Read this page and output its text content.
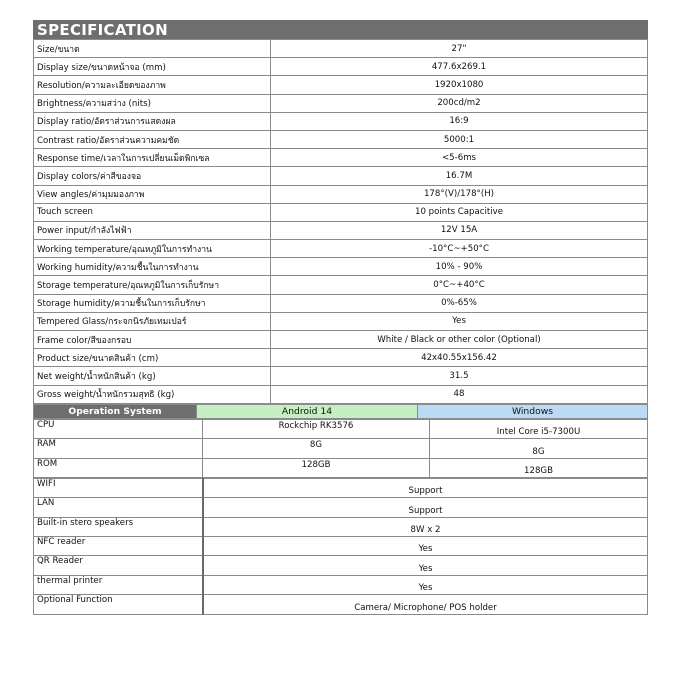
SPECIFICATION
Size/ขนาด	27"
Display size/ขนาดหน้าจอ (mm)	477.6x269.1
Resolution/ความละเอียดของภาพ	1920x1080
Brightness/ความสว่าง (nits)	200cd/m2
Display ratio/อัตราส่วนการแสดงผล	16:9
Contrast ratio/อัตราส่วนความคมชัด	5000:1
Response time/เวลาในการเปลี่ยนเม็ดพิกเซล	<5-6ms
Display colors/ค่าสีของจอ	16.7M
View angles/ค่ามุมมองภาพ	178°(V)/178°(H)
Touch screen	10 points Capacitive
Power input/กำลังไฟฟ้า	12V 15A
Working temperature/อุณหภูมิในการทำงาน	-10°C~+50°C
Working humidity/ความชื้นในการทำงาน	10% - 90%
Storage temperature/อุณหภูมิในการเก็บรักษา	0°C~+40°C
Storage humidity/ความชื้นในการเก็บรักษา	0%-65%
Tempered Glass/กระจกนิรภัยเทมเปอร์	Yes
Frame color/สีของกรอบ	White / Black or other color (Optional)
Product size/ขนาดสินค้า (cm)	42x40.55x156.42
Net weight/น้ำหนักสินค้า (kg)	31.5
Gross weight/น้ำหนักรวมสุทธิ (kg)	48
Operation System	Android 14	Windows
CPU	Rockchip RK3576	Intel Core i5-7300U
RAM	8G	8G
ROM	128GB	128GB
WIFI	Support
LAN	Support
Built-in stero speakers	8W x 2
NFC reader	Yes
QR Reader	Yes
thermal printer	Yes
Optional Function	Camera/ Microphone/ POS holder
